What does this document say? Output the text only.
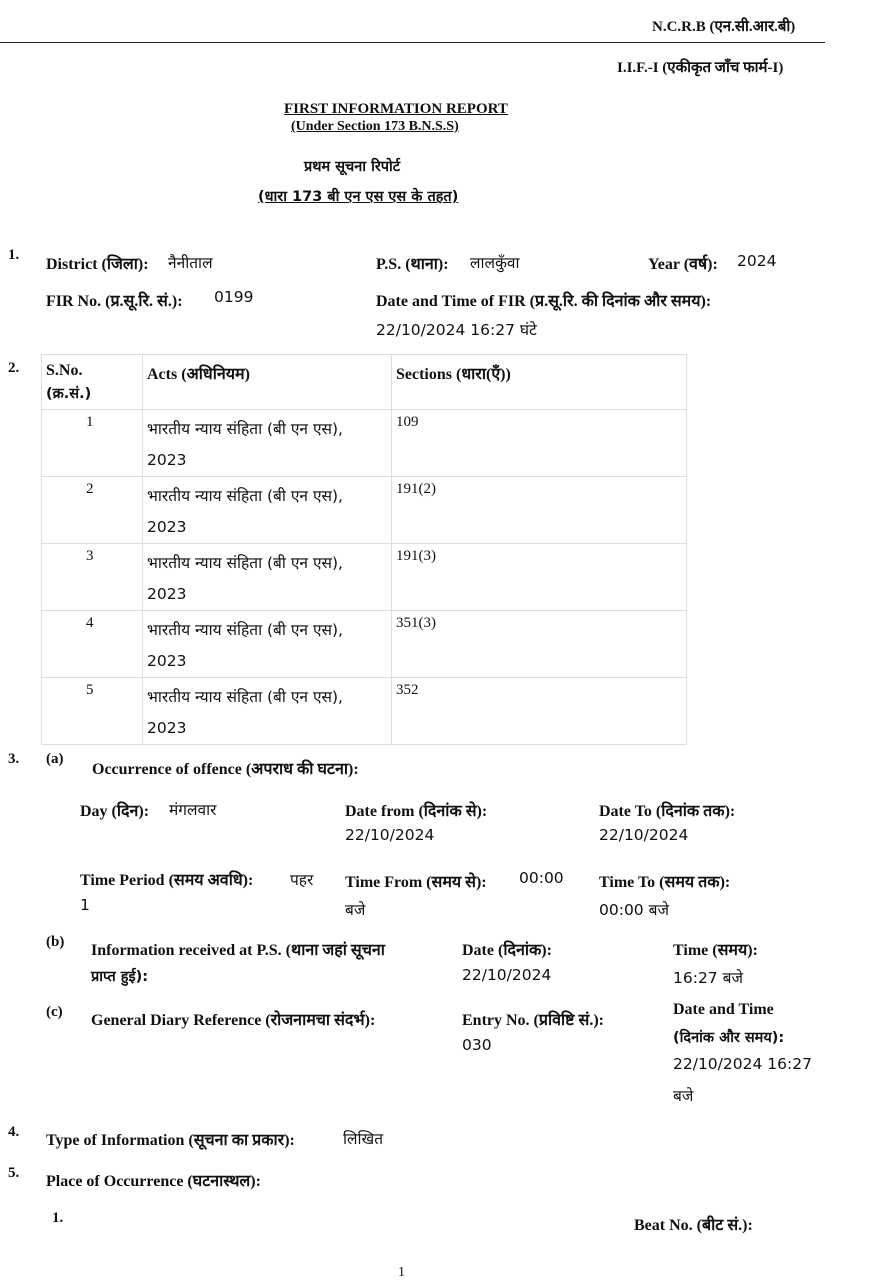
N.C.R.B (एन.सी.आर.बी)
I.I.F.-I (एकीकृत जाँच फार्म-I)
FIRST INFORMATION REPORT
(Under Section 173 B.N.S.S)
प्रथम सूचना रिपोर्ट
(धारा 173 बी एन एस एस के तहत)
1.
District (जिला): नैनीताल	P.S. (थाना): लालकुँवा	Year (वर्ष): 2024
FIR No. (प्र.सू.रि. सं.): 0199	Date and Time of FIR (प्र.सू.रि. की दिनांक और समय):
22/10/2024 16:27 घंटे
2. S.No.
(क्र.सं.)	Acts (अधिनियम)	Sections (धारा(एँ))

1	भारतीय न्याय संहिता (बी एन एस), 2023	109

2	भारतीय न्याय संहिता (बी एन एस), 2023	191(2)

3	भारतीय न्याय संहिता (बी एन एस), 2023	191(3)

4	भारतीय न्याय संहिता (बी एन एस), 2023	351(3)

5	भारतीय न्याय संहिता (बी एन एस), 2023	352
3. (a)
Occurrence of offence (अपराध की घटना):
Day (दिन): मंगलवार	Date from (दिनांक से):
22/10/2024
Date To (दिनांक तक):
22/10/2024
Time Period (समय अवधि): पहर
1
Time From (समय से): 00:00
बजे
Time To (समय तक):
00:00 बजे
(b) Information received at P.S. (थाना जहां सूचना
प्राप्त हुई):
Date (दिनांक):
22/10/2024
Time (समय):
16:27 बजे
(c) General Diary Reference (रोजनामचा संदर्भ):	Entry No. (प्रविष्टि सं.):
030
Date and Time
(दिनांक और समय):
22/10/2024 16:27
बजे
4. Type of Information (सूचना का प्रकार):	लिखित
5. Place of Occurrence (घटनास्थल):
1.	Beat No. (बीट सं.):
1
